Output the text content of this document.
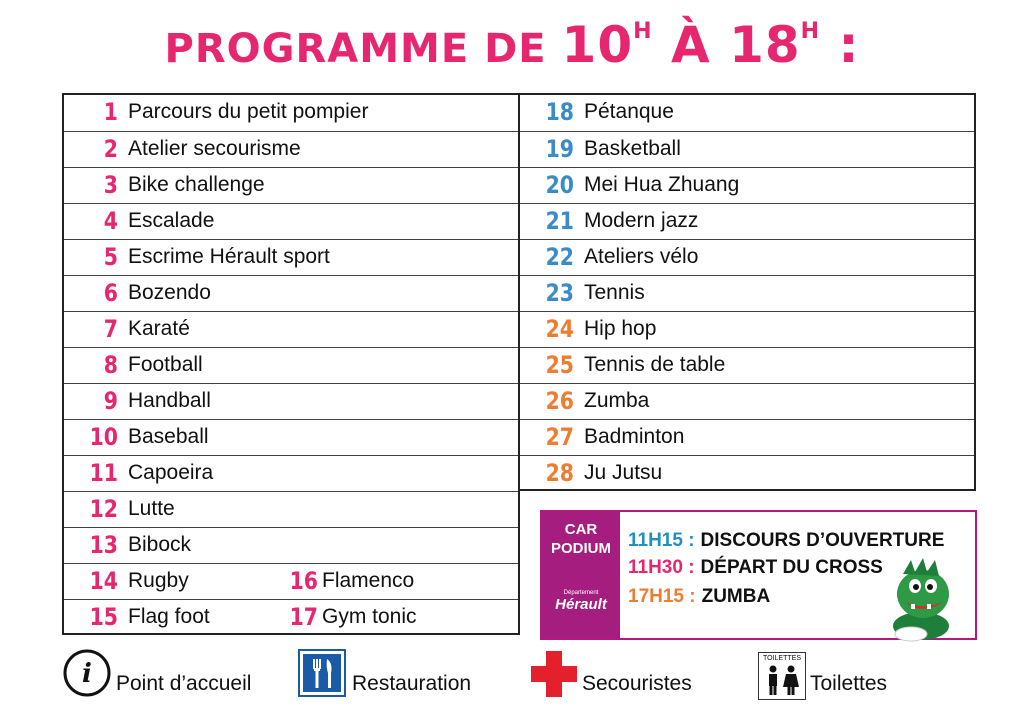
PROGRAMME DE $10^H$ À $18^H$ :
1 Parcours du petit pompier
2 Atelier secourisme
3 Bike challenge
4 Escalade
5 Escrime Hérault sport
6 Bozendo
7 Karaté
8 Football
9 Handball
10 Baseball
11 Capoeira
12 Lutte
13 Bibock
14 Rugby	16 Flamenco
15 Flag foot	17 Gym tonic
18 Pétanque
19 Basketball
20 Mei Hua Zhuang
21 Modern jazz
22 Ateliers vélo
23 Tennis
24 Hip hop
25 Tennis de table
26 Zumba
27 Badminton
28 Ju Jutsu
CAR
PODIUM
Département
Hérault
11H15 : DISCOURS D’OUVERTURE
11H30 : DÉPART DU CROSS
17H15 : ZUMBA
i Point d’accueil	Restauration	Secouristes
TOILETTES
Toilettes
